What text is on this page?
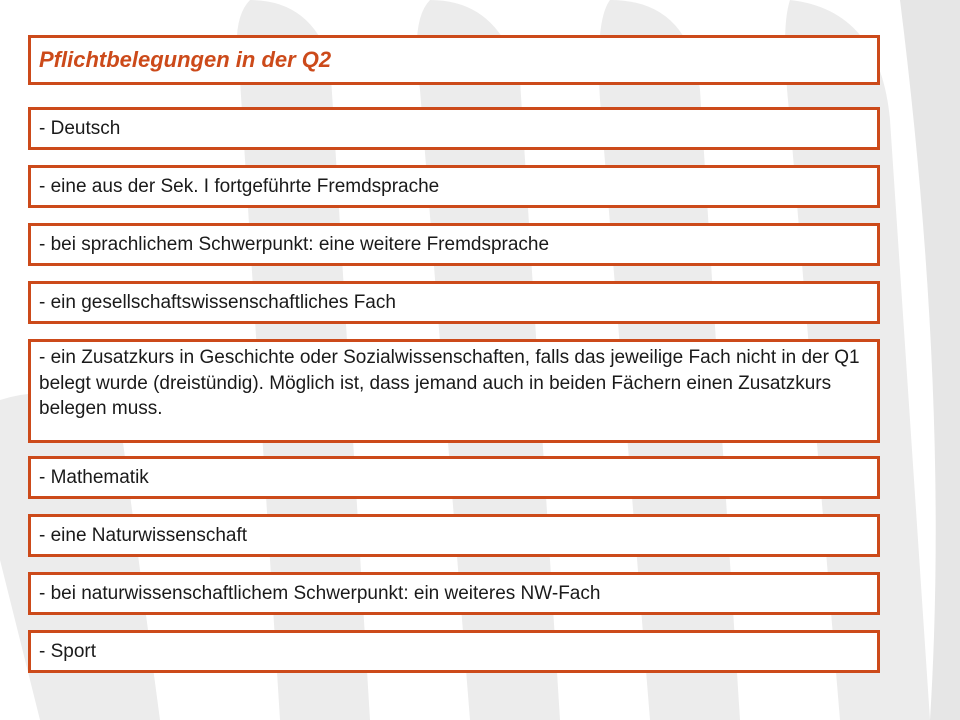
Pflichtbelegungen in der Q2
- Deutsch
- eine aus der Sek. I fortgeführte Fremdsprache
- bei sprachlichem Schwerpunkt: eine weitere Fremdsprache
- ein gesellschaftswissenschaftliches Fach
- ein Zusatzkurs in Geschichte oder Sozialwissenschaften, falls das jeweilige Fach nicht in der Q1 belegt wurde (dreistündig). Möglich ist, dass jemand auch in beiden Fächern einen Zusatzkurs belegen muss.
- Mathematik
- eine Naturwissenschaft
- bei naturwissenschaftlichem Schwerpunkt: ein weiteres NW-Fach
- Sport
